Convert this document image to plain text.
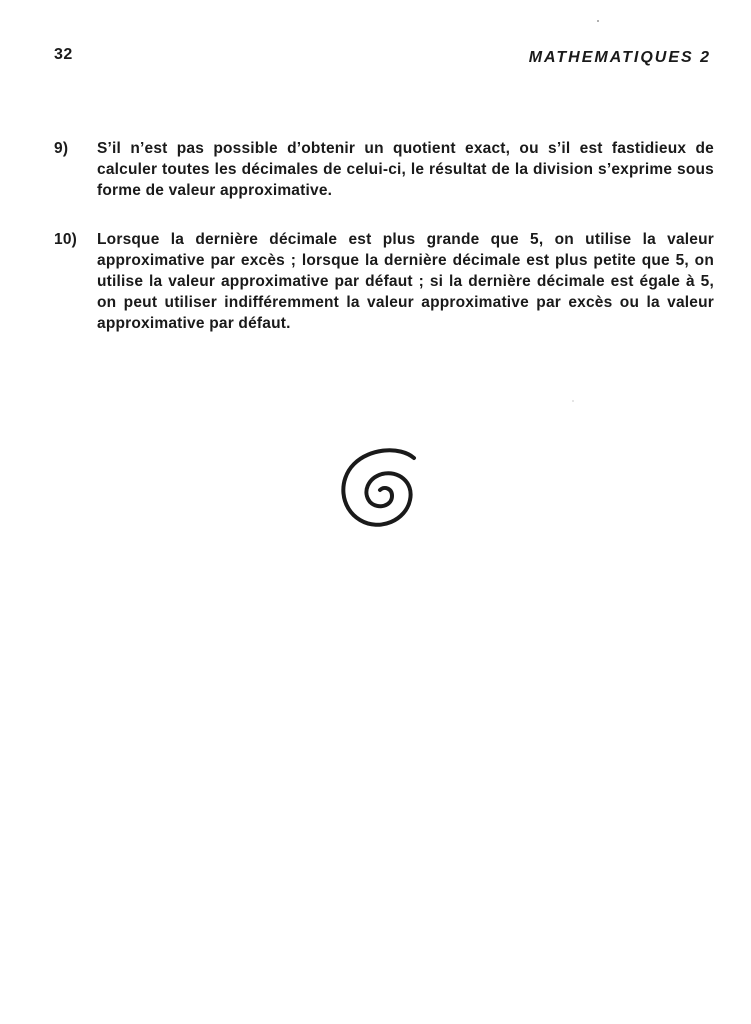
32	MATHEMATIQUES 2
9)	S’il n’est pas possible d’obtenir un quotient exact, ou s’il est fastidieux de calculer toutes les décimales de celui-ci, le résultat de la division s’exprime sous forme de valeur approximative.
10)	Lorsque la dernière décimale est plus grande que 5, on utilise la valeur approximative par excès ; lorsque la dernière décimale est plus petite que 5, on utilise la valeur approximative par défaut ; si la dernière décimale est égale à 5, on peut utiliser indifféremment la valeur approximative par excès ou la valeur approximative par défaut.
